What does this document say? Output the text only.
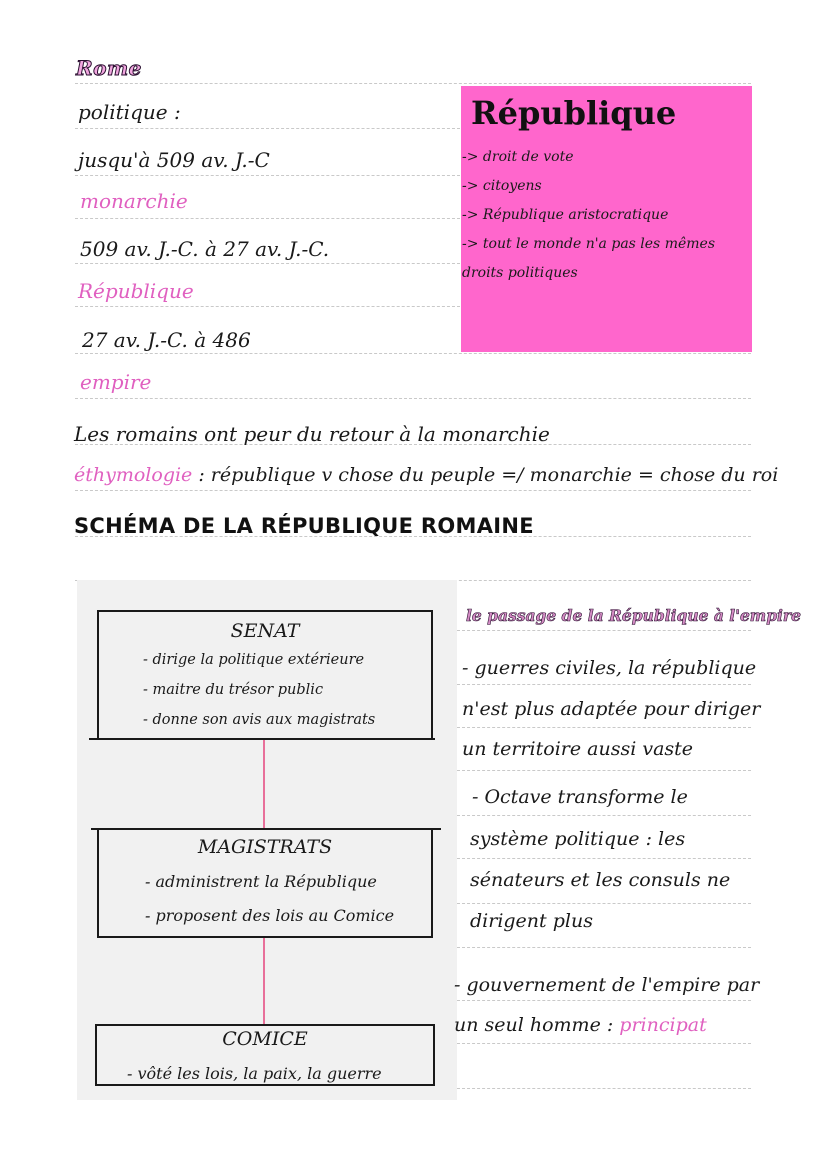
Rome
politique :
jusqu'à 509 av. J.-C
monarchie
509 av. J.-C. à 27 av. J.-C.
République
27 av. J.-C. à 486
empire
République
-> droit de vote
-> citoyens
-> République aristocratique
-> tout le monde n'a pas les mêmes
droits politiques
Les romains ont peur du retour à la monarchie
éthymologie : république v chose du peuple =/ monarchie = chose du roi
SCHÉMA DE LA RÉPUBLIQUE ROMAINE
SENAT
- dirige la politique extérieure
- maitre du trésor public
- donne son avis aux magistrats
MAGISTRATS
- administrent la République
- proposent des lois au Comice
COMICE
- vôté les lois, la paix, la guerre
le passage de la République à l'empire
- guerres civiles, la république
n'est plus adaptée pour diriger
un territoire aussi vaste
- Octave transforme le
système politique : les
sénateurs et les consuls ne
dirigent plus
- gouvernement de l'empire par
un seul homme : principat
